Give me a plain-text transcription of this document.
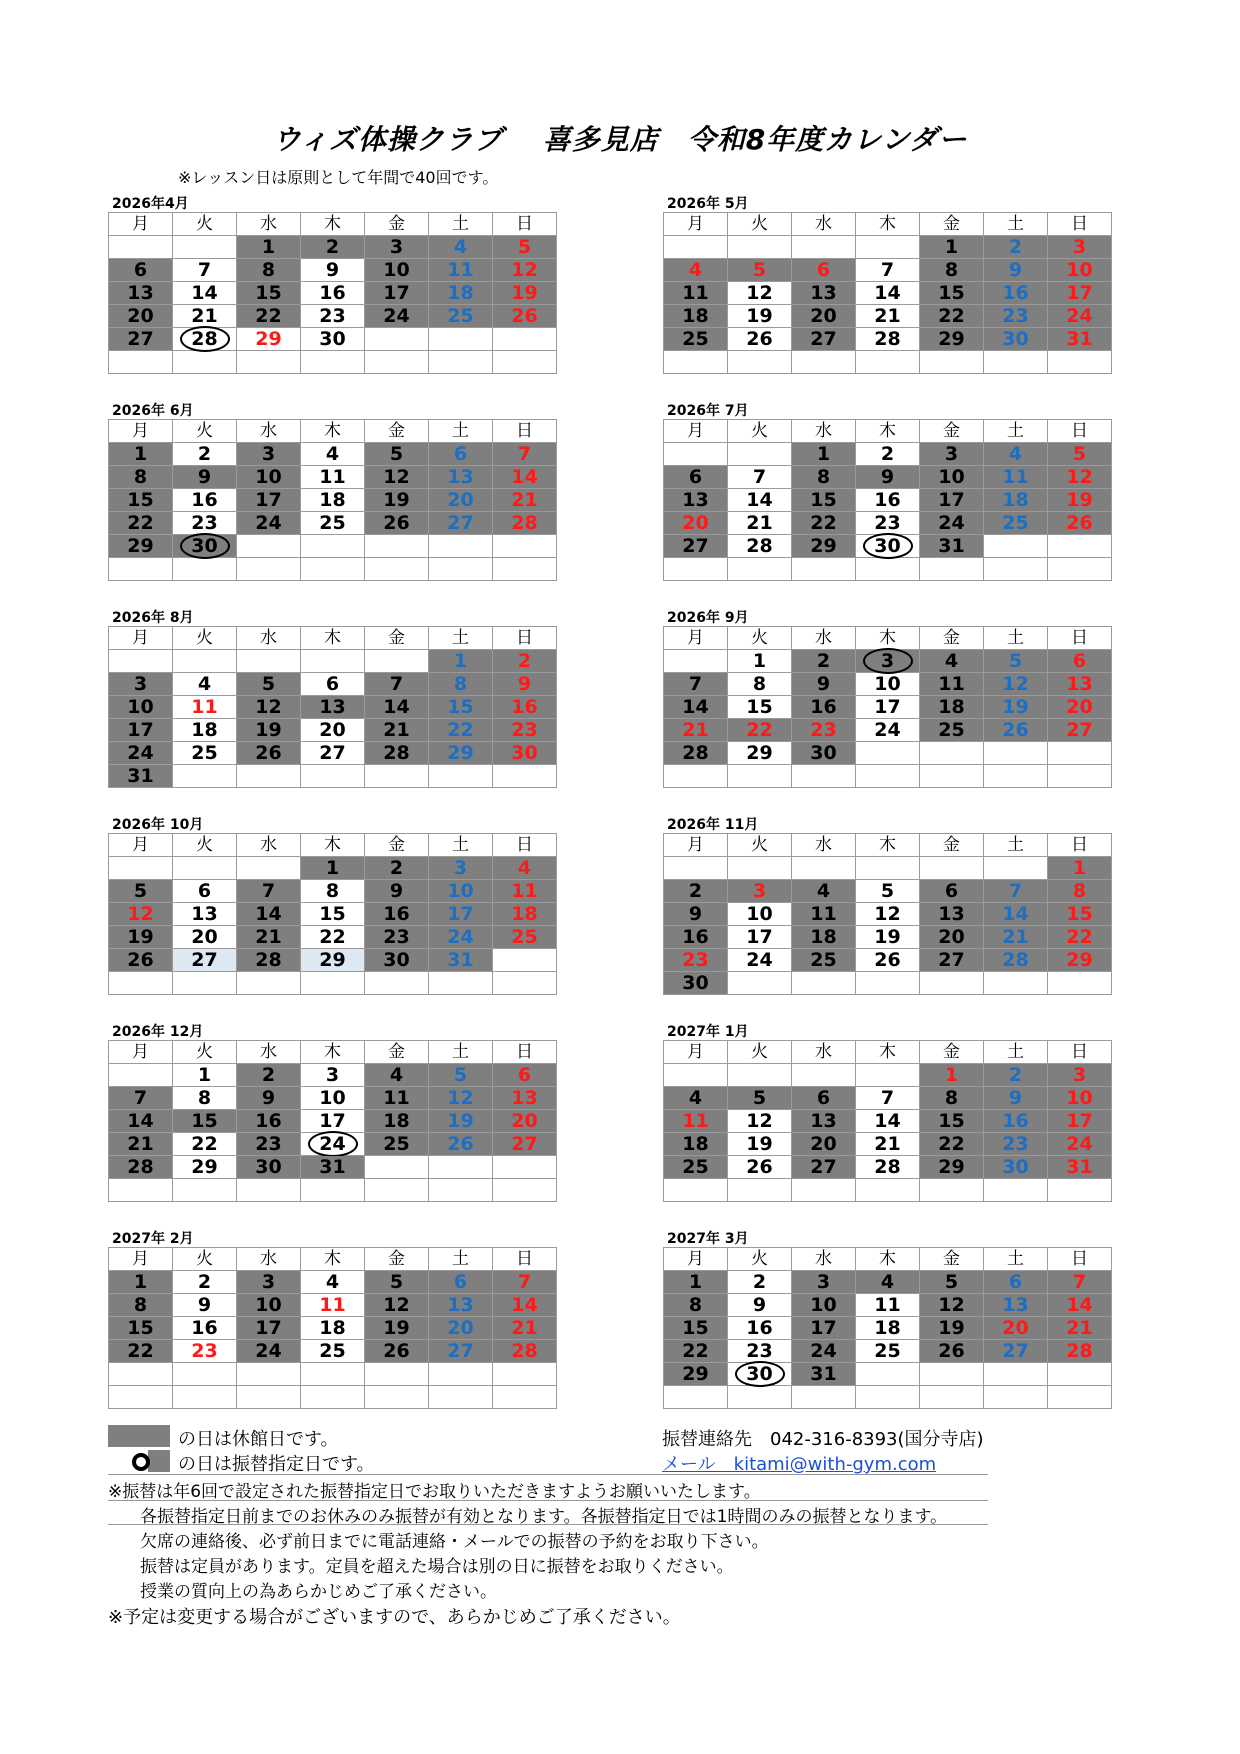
ウィズ体操クラブ　 喜多見店　令和8年度カレンダー
※レッスン日は原則として年間で40回です。
2026年4月
月	火	水	木	金	土	日
		1	2	3	4	5
6	7	8	9	10	11	12
13	14	15	16	17	18	19
20	21	22	23	24	25	26
27	28	29	30			

2026年 5月
月	火	水	木	金	土	日
				1	2	3
4	5	6	7	8	9	10
11	12	13	14	15	16	17
18	19	20	21	22	23	24
25	26	27	28	29	30	31

2026年 6月
月	火	水	木	金	土	日
1	2	3	4	5	6	7
8	9	10	11	12	13	14
15	16	17	18	19	20	21
22	23	24	25	26	27	28
29	30					

2026年 7月
月	火	水	木	金	土	日
		1	2	3	4	5
6	7	8	9	10	11	12
13	14	15	16	17	18	19
20	21	22	23	24	25	26
27	28	29	30	31		

2026年 8月
月	火	水	木	金	土	日
					1	2
3	4	5	6	7	8	9
10	11	12	13	14	15	16
17	18	19	20	21	22	23
24	25	26	27	28	29	30
31						
2026年 9月
月	火	水	木	金	土	日
	1	2	3	4	5	6
7	8	9	10	11	12	13
14	15	16	17	18	19	20
21	22	23	24	25	26	27
28	29	30				

2026年 10月
月	火	水	木	金	土	日
			1	2	3	4
5	6	7	8	9	10	11
12	13	14	15	16	17	18
19	20	21	22	23	24	25
26	27	28	29	30	31	

2026年 11月
月	火	水	木	金	土	日
						1
2	3	4	5	6	7	8
9	10	11	12	13	14	15
16	17	18	19	20	21	22
23	24	25	26	27	28	29
30						
2026年 12月
月	火	水	木	金	土	日
	1	2	3	4	5	6
7	8	9	10	11	12	13
14	15	16	17	18	19	20
21	22	23	24	25	26	27
28	29	30	31			

2027年 1月
月	火	水	木	金	土	日
				1	2	3
4	5	6	7	8	9	10
11	12	13	14	15	16	17
18	19	20	21	22	23	24
25	26	27	28	29	30	31

2027年 2月
月	火	水	木	金	土	日
1	2	3	4	5	6	7
8	9	10	11	12	13	14
15	16	17	18	19	20	21
22	23	24	25	26	27	28

2027年 3月
月	火	水	木	金	土	日
1	2	3	4	5	6	7
8	9	10	11	12	13	14
15	16	17	18	19	20	21
22	23	24	25	26	27	28
29	30	31				

の日は休館日です。
の日は振替指定日です。
振替連絡先　042-316-8393(国分寺店)
メール　kitami@with-gym.com
※振替は年6回で設定された振替指定日でお取りいただきますようお願いいたします。
各振替指定日前までのお休みのみ振替が有効となります。各振替指定日では1時間のみの振替となります。
欠席の連絡後、必ず前日までに電話連絡・メールでの振替の予約をお取り下さい。
振替は定員があります。定員を超えた場合は別の日に振替をお取りください。
授業の質向上の為あらかじめご了承ください。
※予定は変更する場合がございますので、あらかじめご了承ください。
